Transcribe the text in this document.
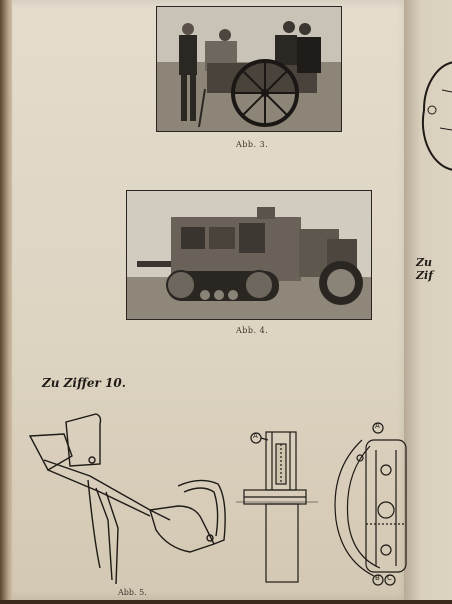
Zu Zif
Abb. 3.
Abb. 4.
Zu Ziffer 10.
A
A
B C
Abb. 5.
